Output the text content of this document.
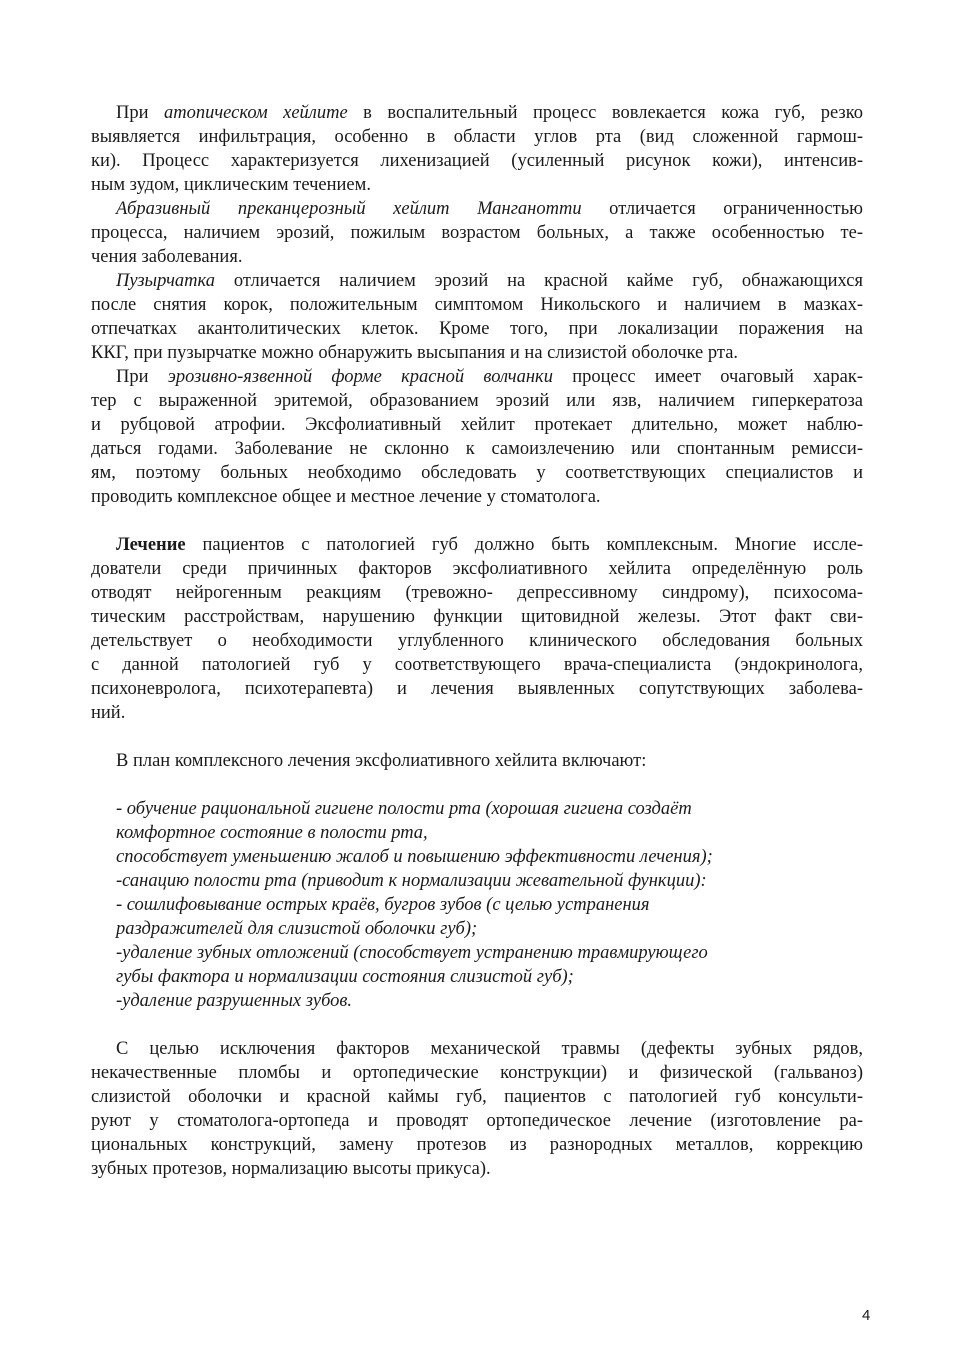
При атопическом хейлите в воспалительный процесс вовлекается кожа губ, резко
выявляется инфильтрация, особенно в области углов рта (вид сложенной гармош-
ки). Процесс характеризуется лихенизацией (усиленный рисунок кожи), интенсив-
ным зудом, циклическим течением.
Абразивный преканцерозный хейлит Манганотти отличается ограниченностью
процесса, наличием эрозий, пожилым возрастом больных, а также особенностью те-
чения заболевания.
Пузырчатка отличается наличием эрозий на красной кайме губ, обнажающихся
после снятия корок, положительным симптомом Никольского и наличием в мазках-
отпечатках акантолитических клеток. Кроме того, при локализации поражения на
ККГ, при пузырчатке можно обнаружить высыпания и на слизистой оболочке рта.
При эрозивно-язвенной форме красной волчанки процесс имеет очаговый харак-
тер с выраженной эритемой, образованием эрозий или язв, наличием гиперкератоза
и рубцовой атрофии. Эксфолиативный хейлит протекает длительно, может наблю-
даться годами. Заболевание не склонно к самоизлечению или спонтанным ремисси-
ям, поэтому больных необходимо обследовать у соответствующих специалистов и
проводить комплексное общее и местное лечение у стоматолога.
Лечение пациентов с патологией губ должно быть комплексным. Многие иссле-
дователи среди причинных факторов эксфолиативного хейлита определённую роль
отводят нейрогенным реакциям (тревожно- депрессивному синдрому), психосома-
тическим расстройствам, нарушению функции щитовидной железы. Этот факт сви-
детельствует о необходимости углубленного клинического обследования больных
с данной патологией губ у соответствующего врача-специалиста (эндокринолога,
психоневролога, психотерапевта) и лечения выявленных сопутствующих заболева-
ний.
В план комплексного лечения эксфолиативного хейлита включают:
- обучение рациональной гигиене полости рта (хорошая гигиена создаёт
комфортное состояние в полости рта,
способствует уменьшению жалоб и повышению эффективности лечения);
-санацию полости рта (приводит к нормализации жевательной функции):
- сошлифовывание острых краёв, бугров зубов (с целью устранения
раздражителей для слизистой оболочки губ);
-удаление зубных отложений (способствует устранению травмирующего
губы фактора и нормализации состояния слизистой губ);
-удаление разрушенных зубов.
С целью исключения факторов механической травмы (дефекты зубных рядов,
некачественные пломбы и ортопедические конструкции) и физической (гальваноз)
слизистой оболочки и красной каймы губ, пациентов с патологией губ консульти-
руют у стоматолога-ортопеда и проводят ортопедическое лечение (изготовление ра-
циональных конструкций, замену протезов из разнородных металлов, коррекцию
зубных протезов, нормализацию высоты прикуса).
4
